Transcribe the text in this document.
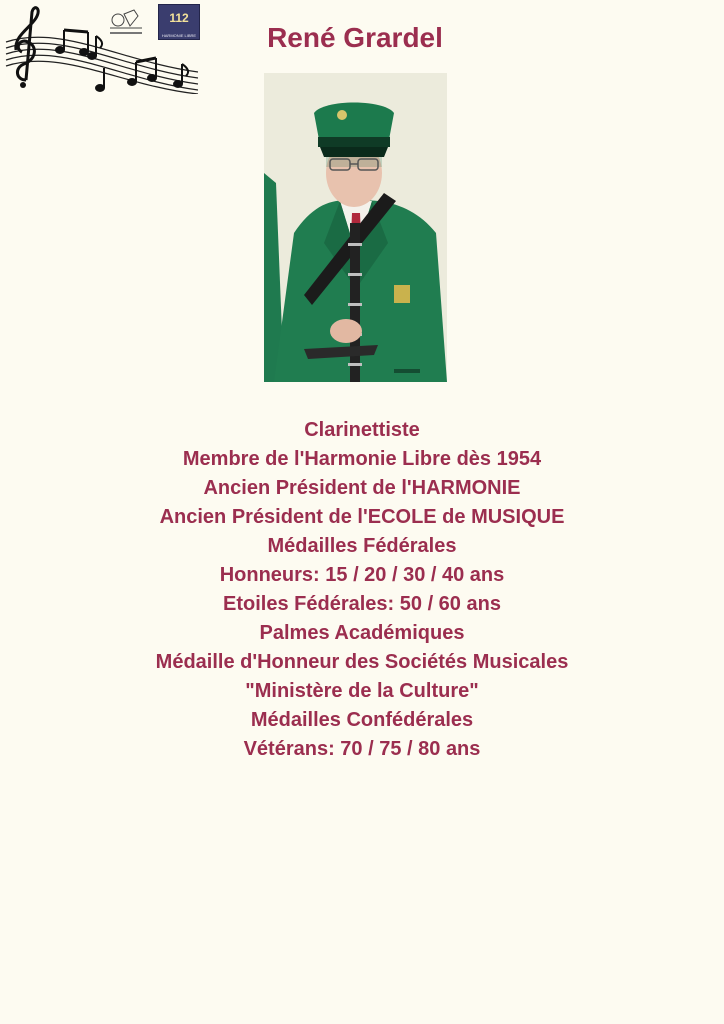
112
HARMONIE LIBRE	René Grardel
Clarinettiste
Membre de l'Harmonie Libre dès 1954
Ancien Président de l'HARMONIE
Ancien Président de l'ECOLE de MUSIQUE
Médailles Fédérales
Honneurs: 15 / 20 / 30 / 40 ans
Etoiles Fédérales: 50 / 60 ans
Palmes Académiques
Médaille d'Honneur des Sociétés Musicales
"Ministère de la Culture"
Médailles Confédérales
Vétérans: 70 / 75 / 80 ans
